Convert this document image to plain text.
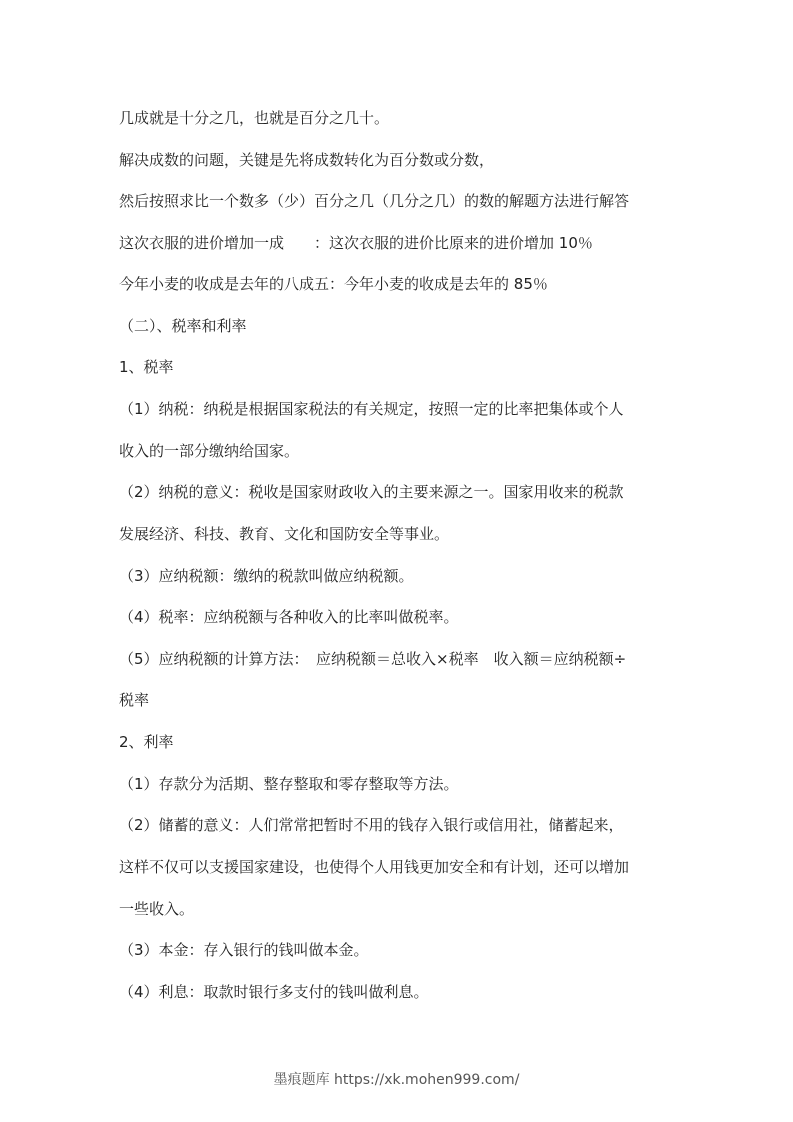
几成就是十分之几，也就是百分之几十。

解决成数的问题，关键是先将成数转化为百分数或分数，

然后按照求比一个数多（少）百分之几（几分之几）的数的解题方法进行解答

这次衣服的进价增加一成　　：这次衣服的进价比原来的进价增加 10％

今年小麦的收成是去年的八成五：今年小麦的收成是去年的 85％

（二）、税率和利率

1、税率

（1）纳税：纳税是根据国家税法的有关规定，按照一定的比率把集体或个人

收入的一部分缴纳给国家。

（2）纳税的意义：税收是国家财政收入的主要来源之一。国家用收来的税款

发展经济、科技、教育、文化和国防安全等事业。

（3）应纳税额：缴纳的税款叫做应纳税额。

（4）税率：应纳税额与各种收入的比率叫做税率。

（5）应纳税额的计算方法：　应纳税额＝总收入×税率　收入额＝应纳税额÷

税率

2、利率

（1）存款分为活期、整存整取和零存整取等方法。

（2）储蓄的意义：人们常常把暂时不用的钱存入银行或信用社，储蓄起来，

这样不仅可以支援国家建设，也使得个人用钱更加安全和有计划，还可以增加

一些收入。

（3）本金：存入银行的钱叫做本金。

（4）利息：取款时银行多支付的钱叫做利息。

墨痕题库 https://xk.mohen999.com/
